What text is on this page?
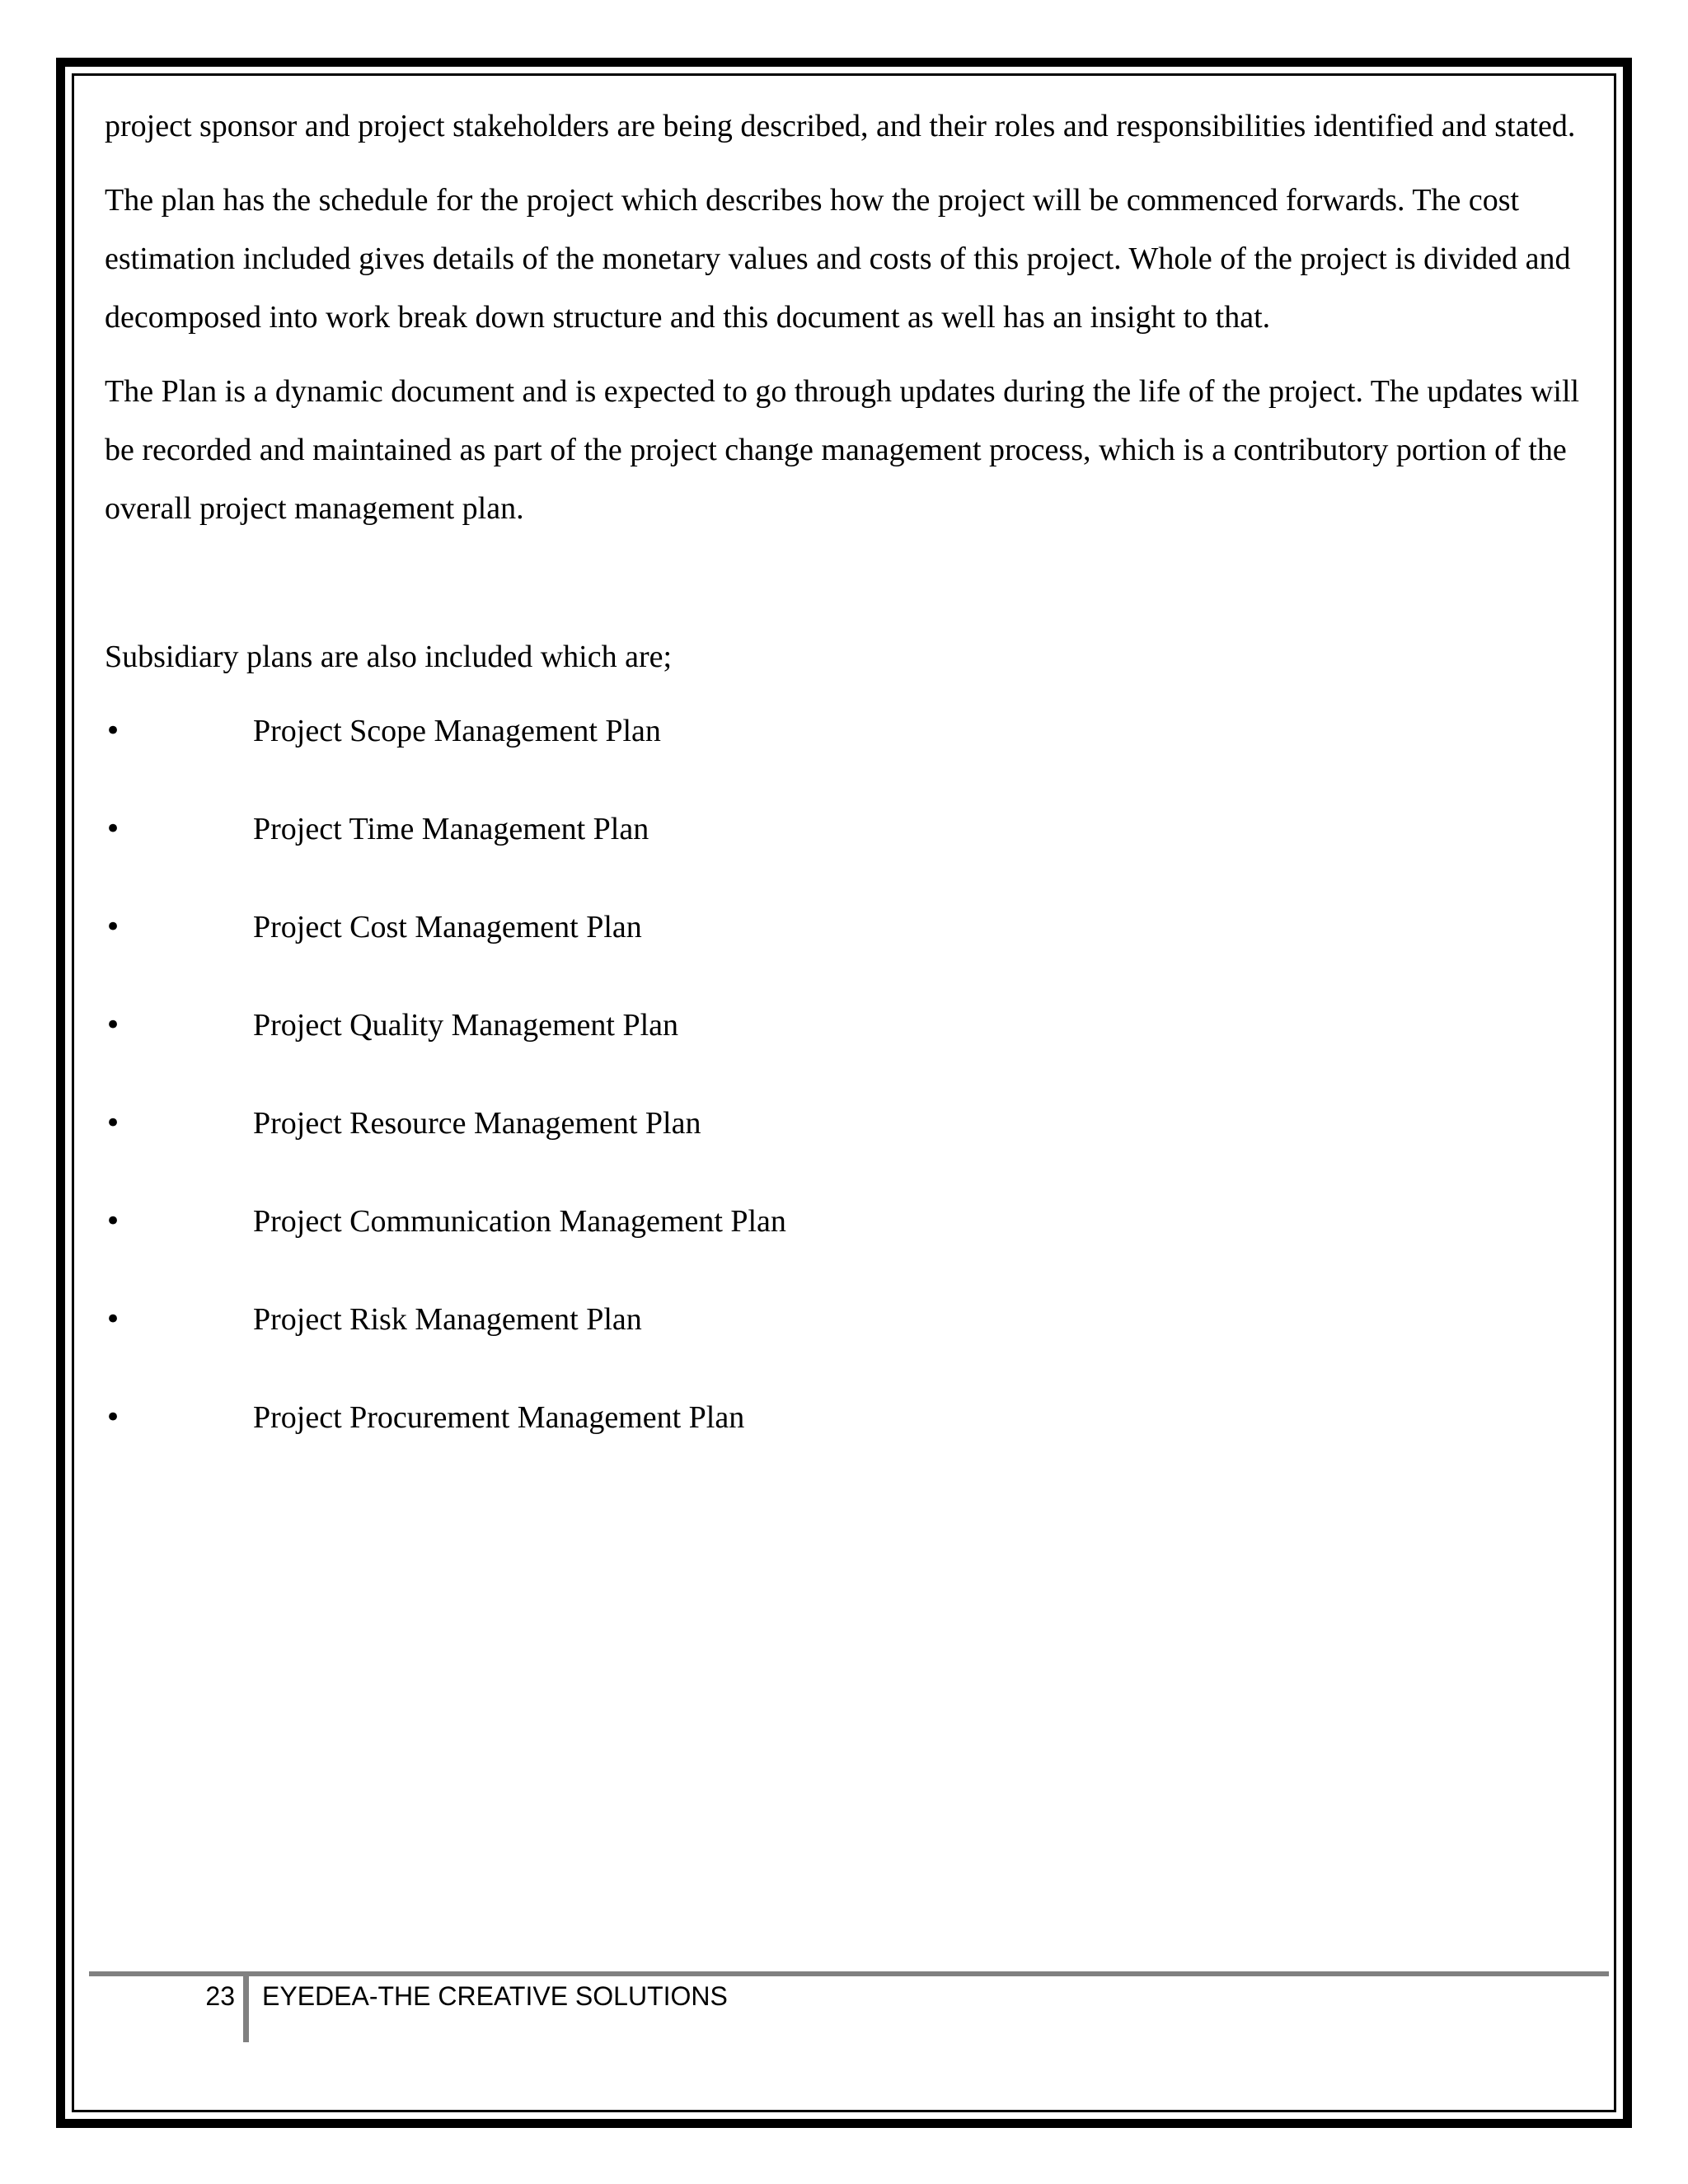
project sponsor and project stakeholders are being described, and their roles and responsibilities identified and stated.

The plan has the schedule for the project which describes how the project will be commenced forwards. The cost estimation included gives details of the monetary values and costs of this project. Whole of the project is divided and decomposed into work break down structure and this document as well has an insight to that.

The Plan is a dynamic document and is expected to go through updates during the life of the project. The updates will be recorded and maintained as part of the project change management process, which is a contributory portion of the overall project management plan.

Subsidiary plans are also included which are;

•	Project Scope Management Plan
•	Project Time Management Plan
•	Project Cost Management Plan
•	Project Quality Management Plan
•	Project Resource Management Plan
•	Project Communication Management Plan
•	Project Risk Management Plan
•	Project Procurement Management Plan
23 EYEDEA-THE CREATIVE SOLUTIONS
